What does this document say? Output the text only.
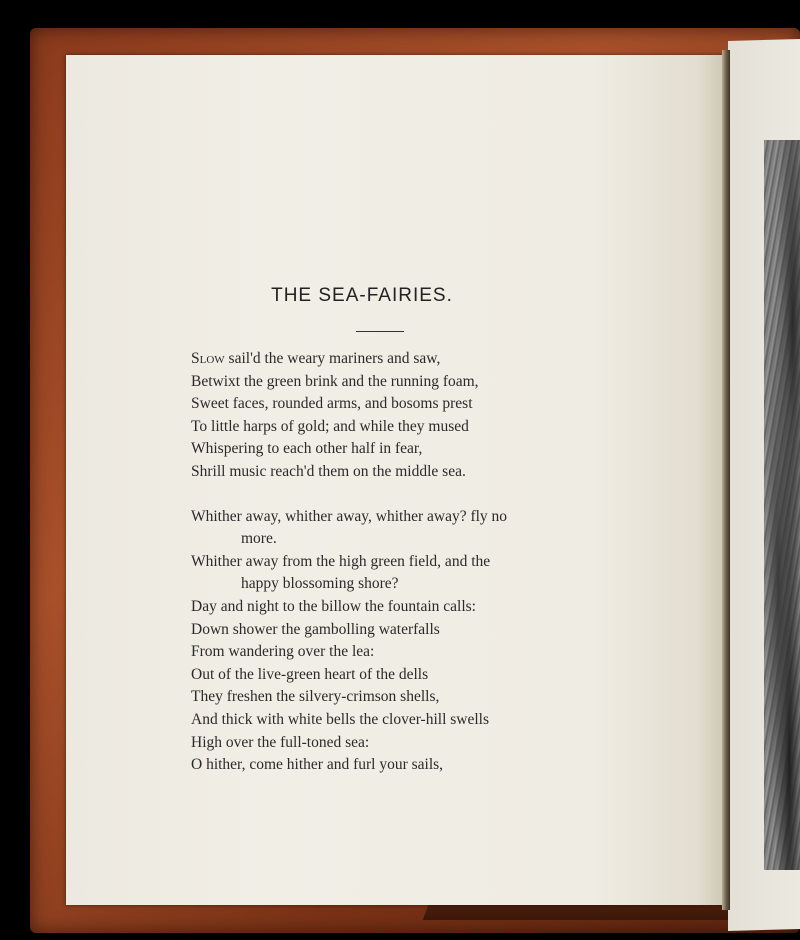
THE SEA-FAIRIES.
Slow sail'd the weary mariners and saw,
Betwixt the green brink and the running foam,
Sweet faces, rounded arms, and bosoms prest
To little harps of gold; and while they mused
Whispering to each other half in fear,
Shrill music reach'd them on the middle sea.
Whither away, whither away, whither away? fly no
more.
Whither away from the high green field, and the
happy blossoming shore?
Day and night to the billow the fountain calls:
Down shower the gambolling waterfalls
From wandering over the lea:
Out of the live-green heart of the dells
They freshen the silvery-crimson shells,
And thick with white bells the clover-hill swells
High over the full-toned sea:
O hither, come hither and furl your sails,
